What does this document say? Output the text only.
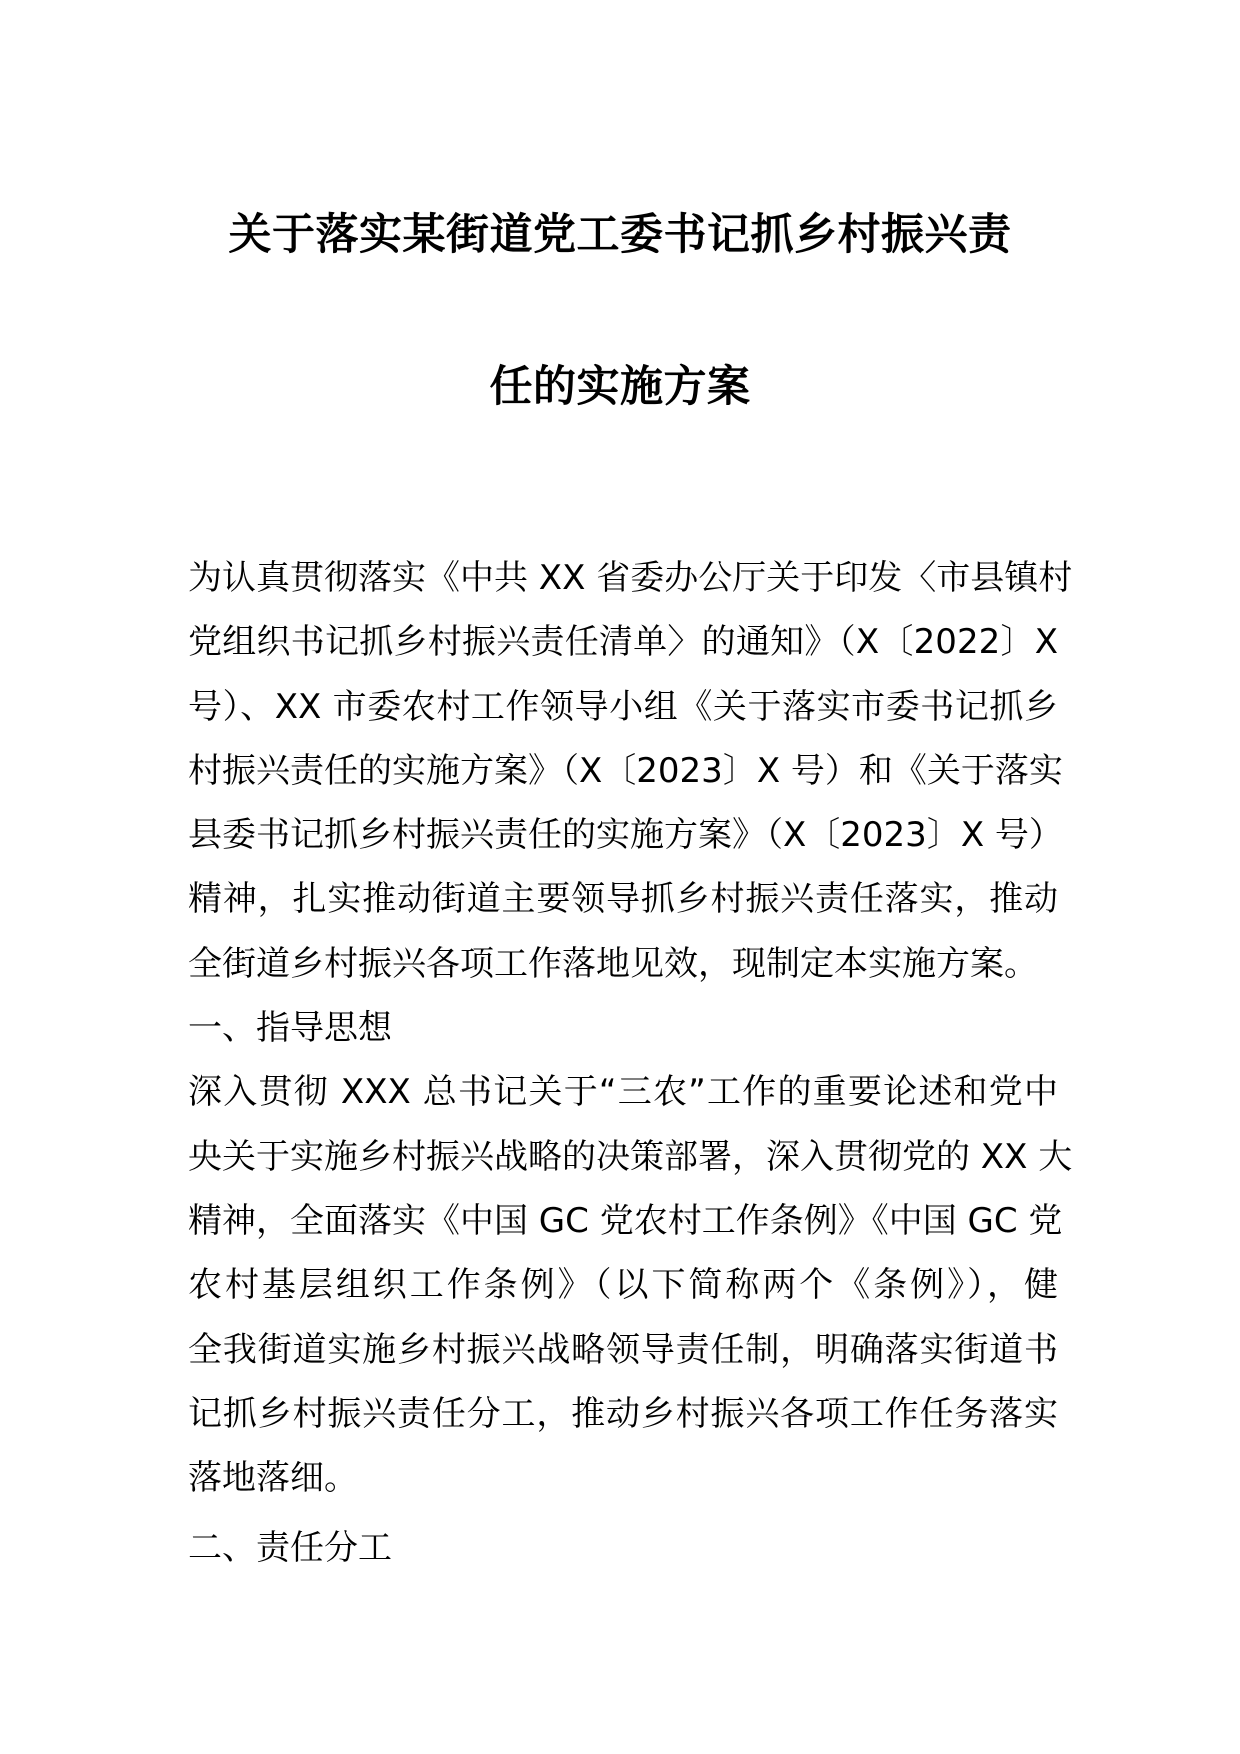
关于落实某街道党工委书记抓乡村振兴责
任的实施方案
为认真贯彻落实《中共 XX 省委办公厅关于印发〈市县镇村
党组织书记抓乡村振兴责任清单〉的通知》（X〔2022〕X
号）、XX 市委农村工作领导小组《关于落实市委书记抓乡
村振兴责任的实施方案》（X〔2023〕X 号）和《关于落实
县委书记抓乡村振兴责任的实施方案》（X〔2023〕X 号）
精神，扎实推动街道主要领导抓乡村振兴责任落实，推动
全街道乡村振兴各项工作落地见效，现制定本实施方案。
一、指导思想
深入贯彻 XXX 总书记关于“三农”工作的重要论述和党中
央关于实施乡村振兴战略的决策部署，深入贯彻党的 XX 大
精神，全面落实《中国 GC 党农村工作条例》《中国 GC 党
农村基层组织工作条例》（以下简称两个《条例》），健
全我街道实施乡村振兴战略领导责任制，明确落实街道书
记抓乡村振兴责任分工，推动乡村振兴各项工作任务落实
落地落细。
二、责任分工
